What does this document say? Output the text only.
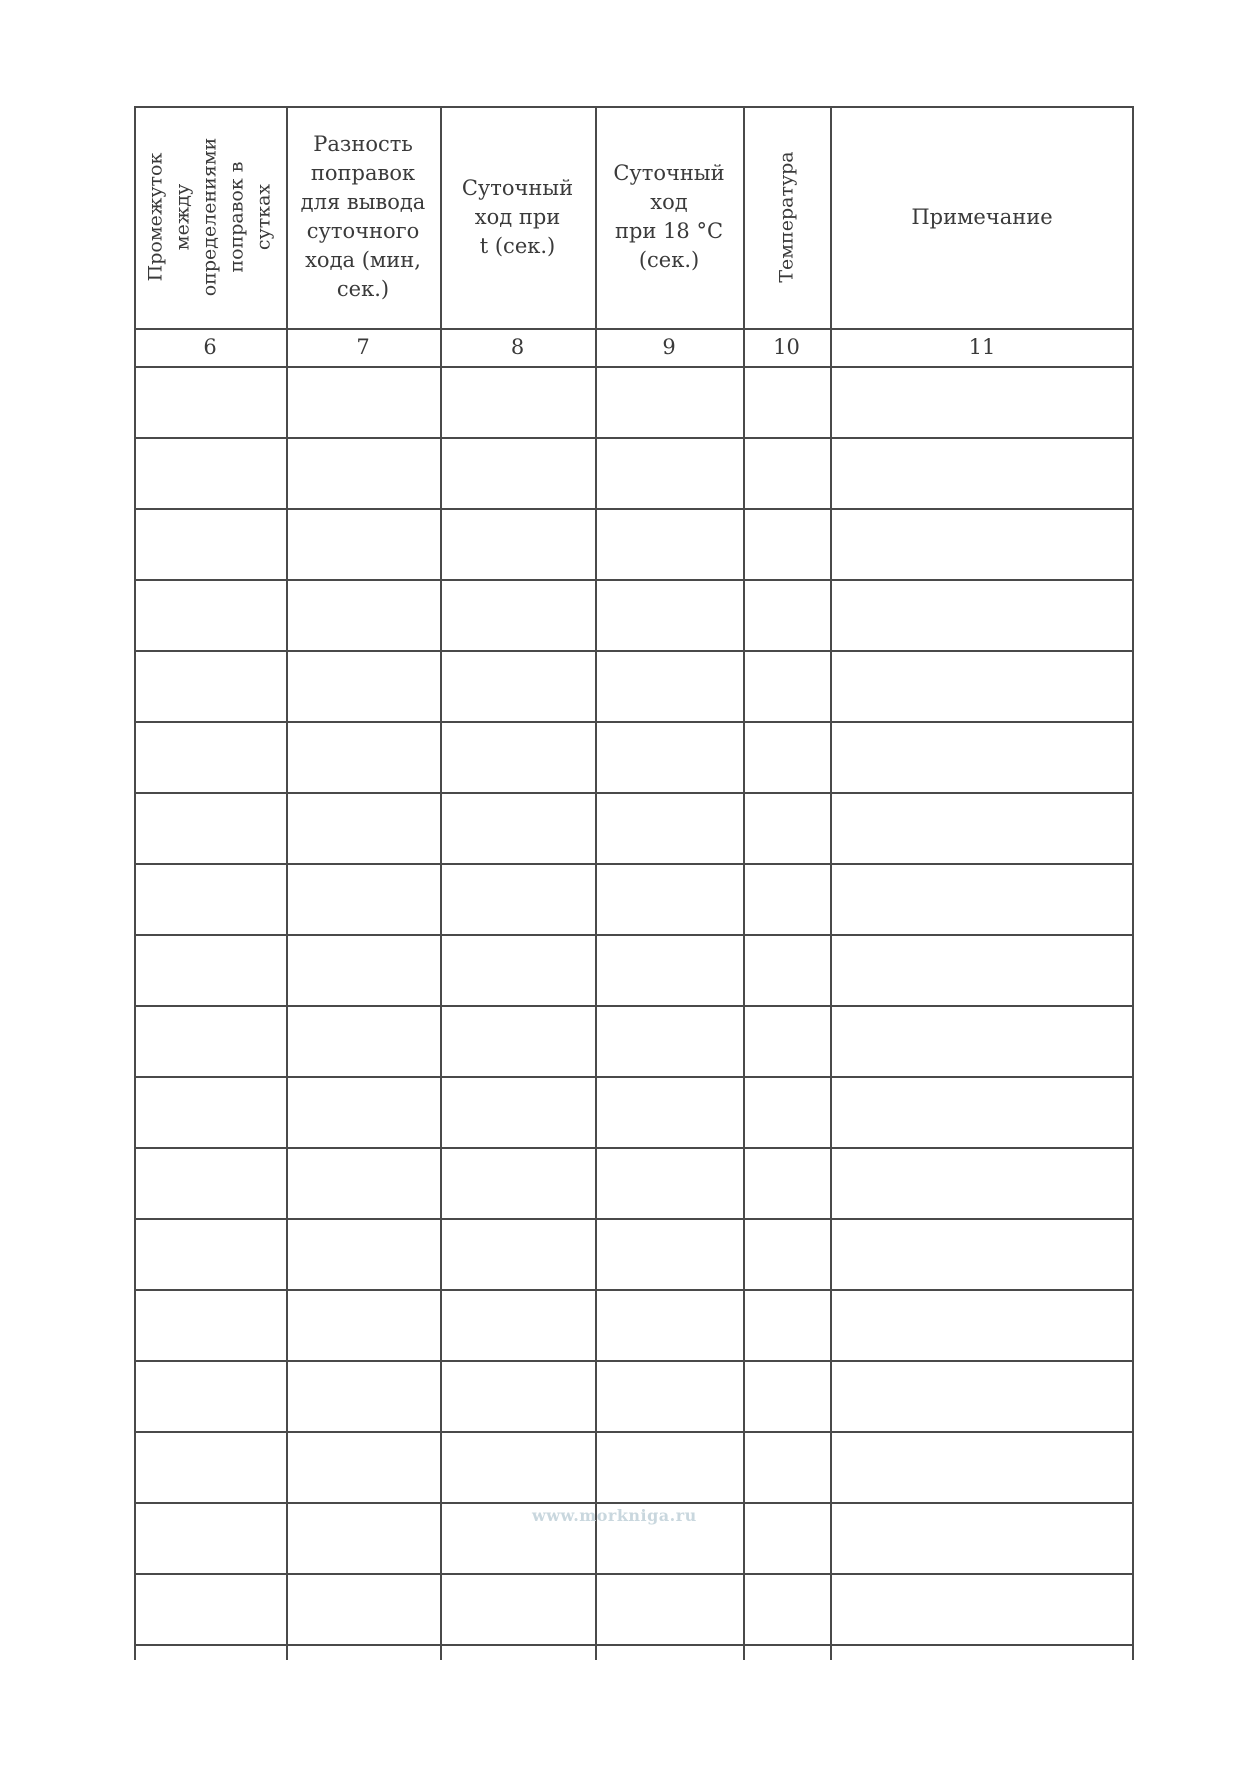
Промежуток между
определениями
поправок в сутках
6
Разность
поправок
для вывода
суточного
хода (мин,
сек.)
7
Суточный
ход при
t (сек.)
8
Суточный
ход
при 18 °С
(сек.)
9
Температура
10
Примечание
11
www.morkniga.ru
